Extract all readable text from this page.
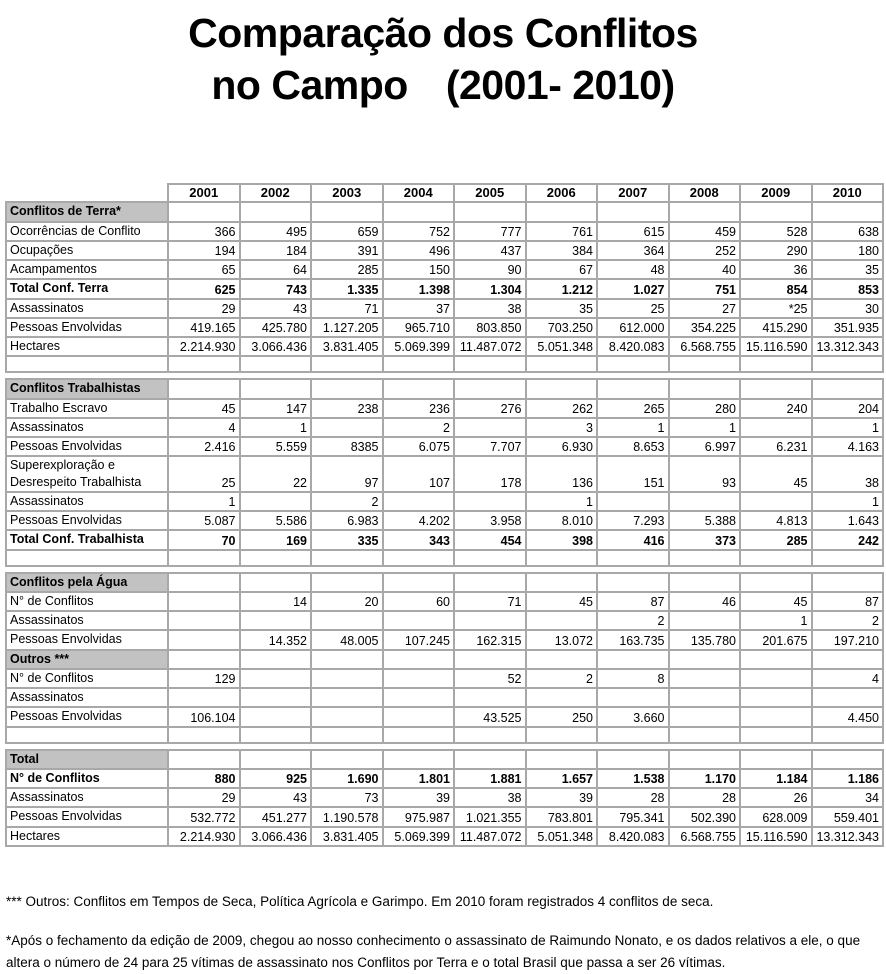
Comparação dos Conflitos
no Campo (2001- 2010)
	2001	2002	2003	2004	2005	2006	2007	2008	2009	2010
Conflitos de Terra*										
Ocorrências de Conflito	366	495	659	752	777	761	615	459	528	638
Ocupações	194	184	391	496	437	384	364	252	290	180
Acampamentos	65	64	285	150	90	67	48	40	36	35
Total Conf. Terra	625	743	1.335	1.398	1.304	1.212	1.027	751	854	853
Assassinatos	29	43	71	37	38	35	25	27	*25	30
Pessoas Envolvidas	419.165	425.780	1.127.205	965.710	803.850	703.250	612.000	354.225	415.290	351.935
Hectares	2.214.930	3.066.436	3.831.405	5.069.399	11.487.072	5.051.348	8.420.083	6.568.755	15.116.590	13.312.343

Conflitos Trabalhistas										
Trabalho Escravo	45	147	238	236	276	262	265	280	240	204
Assassinatos	4	1		2		3	1	1		1
Pessoas Envolvidas	2.416	5.559	8385	6.075	7.707	6.930	8.653	6.997	6.231	4.163
Superexploração e Desrespeito Trabalhista	25	22	97	107	178	136	151	93	45	38
Assassinatos	1		2			1				1
Pessoas Envolvidas	5.087	5.586	6.983	4.202	3.958	8.010	7.293	5.388	4.813	1.643
Total Conf. Trabalhista	70	169	335	343	454	398	416	373	285	242

Conflitos pela Água										
N° de Conflitos		14	20	60	71	45	87	46	45	87
Assassinatos							2		1	2
Pessoas Envolvidas		14.352	48.005	107.245	162.315	13.072	163.735	135.780	201.675	197.210
Outros ***										
N° de Conflitos	129				52	2	8			4
Assassinatos										
Pessoas Envolvidas	106.104				43.525	250	3.660			4.450

Total										
N° de Conflitos	880	925	1.690	1.801	1.881	1.657	1.538	1.170	1.184	1.186
Assassinatos	29	43	73	39	38	39	28	28	26	34
Pessoas Envolvidas	532.772	451.277	1.190.578	975.987	1.021.355	783.801	795.341	502.390	628.009	559.401
Hectares	2.214.930	3.066.436	3.831.405	5.069.399	11.487.072	5.051.348	8.420.083	6.568.755	15.116.590	13.312.343

*** Outros: Conflitos em Tempos de Seca, Política Agrícola e Garimpo. Em 2010 foram registrados 4 conflitos de seca.

*Após o fechamento da edição de 2009, chegou ao nosso conhecimento o assassinato de Raimundo Nonato, e os dados relativos a ele, o que altera o número de 24 para 25 vítimas de assassinato nos Conflitos por Terra e o total Brasil que passa a ser 26 vítimas.
